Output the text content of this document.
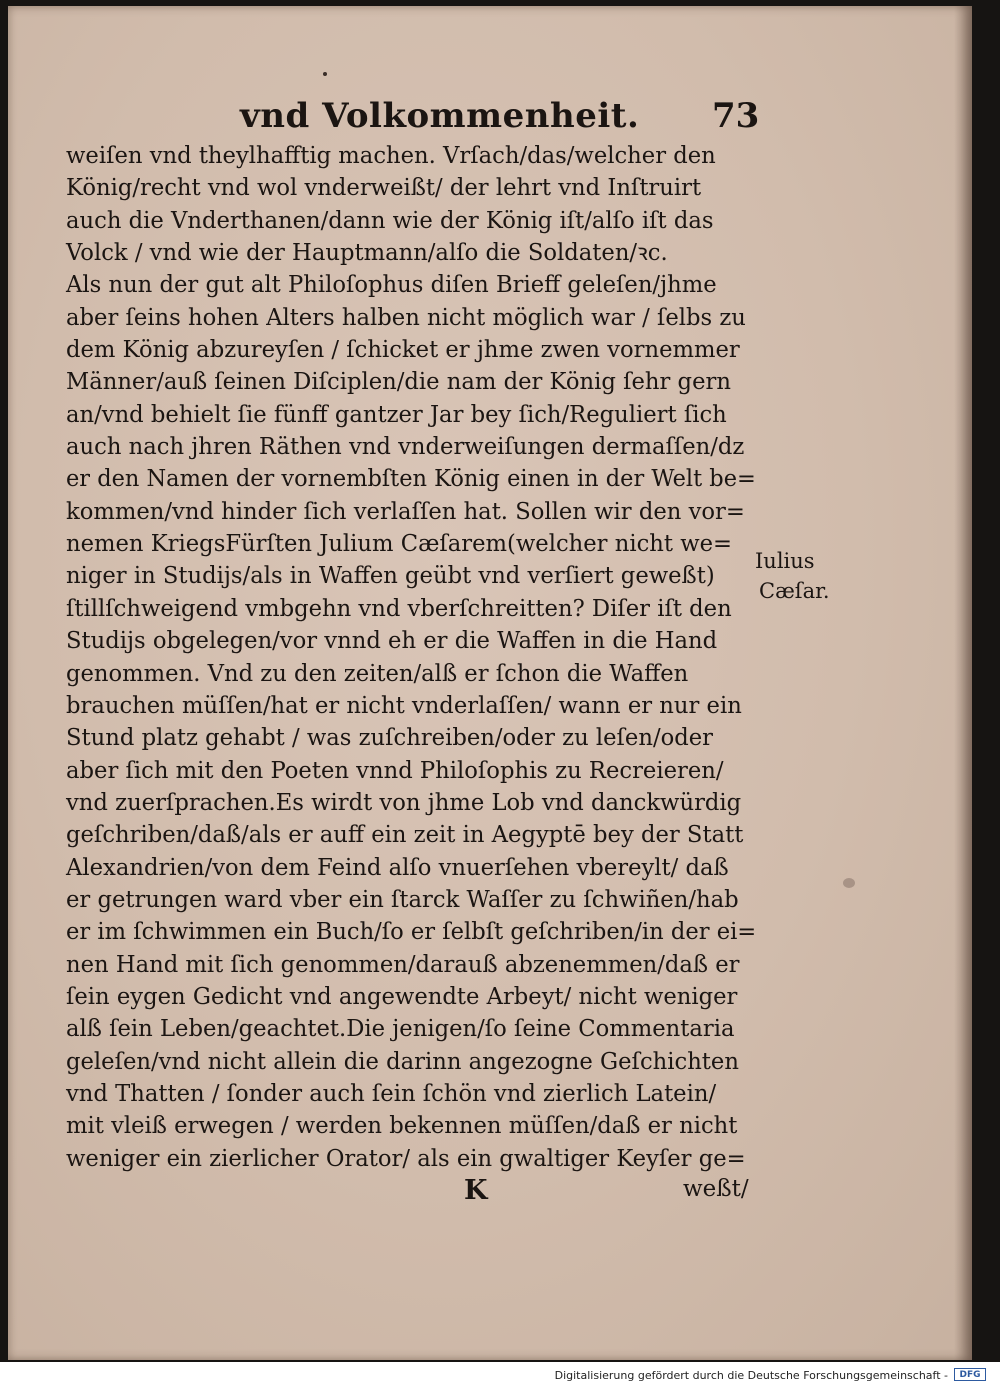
vnd Volkommenheit. 73
weiſen vnd theylhafftig machen. Vrſach/das/welcher den
König/recht vnd wol vnderweißt/ der lehrt vnd Inſtruirt
auch die Vnderthanen/dann wie der König iſt/alſo iſt das
Volck / vnd wie der Hauptmann/alſo die Soldaten/ꝛc.
Als nun der gut alt Philoſophus diſen Brieff geleſen/jhme
aber ſeins hohen Alters halben nicht möglich war / ſelbs zu
dem König abzureyſen / ſchicket er jhme zwen vornemmer
Männer/auß ſeinen Diſciplen/die nam der König ſehr gern
an/vnd behielt ſie fünff gantzer Jar bey ſich/Reguliert ſich
auch nach jhren Räthen vnd vnderweiſungen dermaſſen/dz
er den Namen der vornembſten König einen in der Welt be=
kommen/vnd hinder ſich verlaſſen hat. Sollen wir den vor=
nemen KriegsFürſten Julium Cæſarem(welcher nicht we=
niger in Studijs/als in Waffen geübt vnd verſiert geweßt)
ſtillſchweigend vmbgehn vnd vberſchreitten? Diſer iſt den
Studijs obgelegen/vor vnnd eh er die Waffen in die Hand
genommen. Vnd zu den zeiten/alß er ſchon die Waffen
brauchen müſſen/hat er nicht vnderlaſſen/ wann er nur ein
Stund platz gehabt / was zuſchreiben/oder zu leſen/oder
aber ſich mit den Poeten vnnd Philoſophis zu Recreieren/
vnd zuerſprachen.Es wirdt von jhme Lob vnd danckwürdig
geſchriben/daß/als er auff ein zeit in Aegyptē bey der Statt
Alexandrien/von dem Feind alſo vnuerſehen vbereylt/ daß
er getrungen ward vber ein ſtarck Waſſer zu ſchwiñen/hab
er im ſchwimmen ein Buch/ſo er ſelbſt geſchriben/in der ei=
nen Hand mit ſich genommen/darauß abzenemmen/daß er
ſein eygen Gedicht vnd angewendte Arbeyt/ nicht weniger
alß ſein Leben/geachtet.Die jenigen/ſo ſeine Commentaria
geleſen/vnd nicht allein die darinn angezogne Geſchichten
vnd Thatten / ſonder auch ſein ſchön vnd zierlich Latein/
mit vleiß erwegen / werden bekennen müſſen/daß er nicht
weniger ein zierlicher Orator/ als ein gwaltiger Keyſer ge=
Iulius
Cæſar.
K	weßt/
Digitalisierung gefördert durch die Deutsche Forschungsgemeinschaft -	DFG
